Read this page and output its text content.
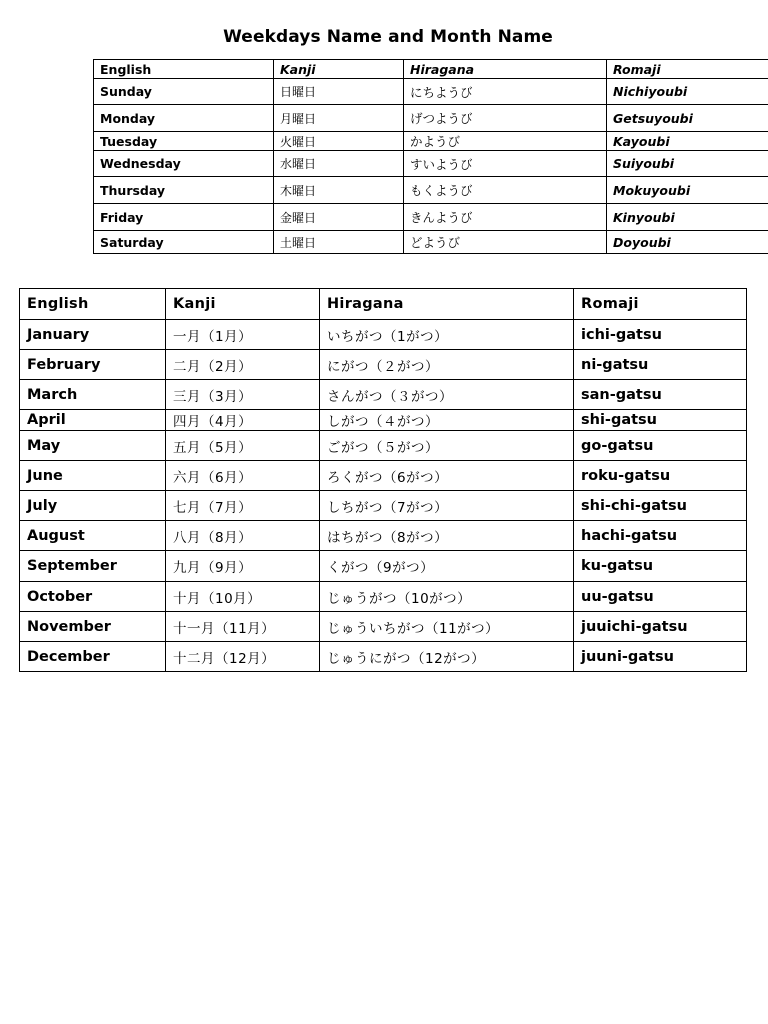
Weekdays Name and Month Name
English	Kanji	Hiragana	Romaji
Sunday	日曜日	にちようび	Nichiyoubi
Monday	月曜日	げつようび	Getsuyoubi
Tuesday	火曜日	かようび	Kayoubi
Wednesday	水曜日	すいようび	Suiyoubi
Thursday	木曜日	もくようび	Mokuyoubi
Friday	金曜日	きんようび	Kinyoubi
Saturday	土曜日	どようび	Doyoubi
English	Kanji	Hiragana	Romaji
January	一月（1月）	いちがつ（1がつ）	ichi-gatsu
February	二月（2月）	にがつ（２がつ）	ni-gatsu
March	三月（3月）	さんがつ（３がつ）	san-gatsu
April	四月（4月）	しがつ（４がつ）	shi-gatsu
May	五月（5月）	ごがつ（５がつ）	go-gatsu
June	六月（6月）	ろくがつ（6がつ）	roku-gatsu
July	七月（7月）	しちがつ（7がつ）	shi-chi-gatsu
August	八月（8月）	はちがつ（8がつ）	hachi-gatsu
September	九月（9月）	くがつ（9がつ）	ku-gatsu
October	十月（10月）	じゅうがつ（10がつ）	uu-gatsu
November	十一月（11月）	じゅういちがつ（11がつ）	juuichi-gatsu
December	十二月（12月）	じゅうにがつ（12がつ）	juuni-gatsu
